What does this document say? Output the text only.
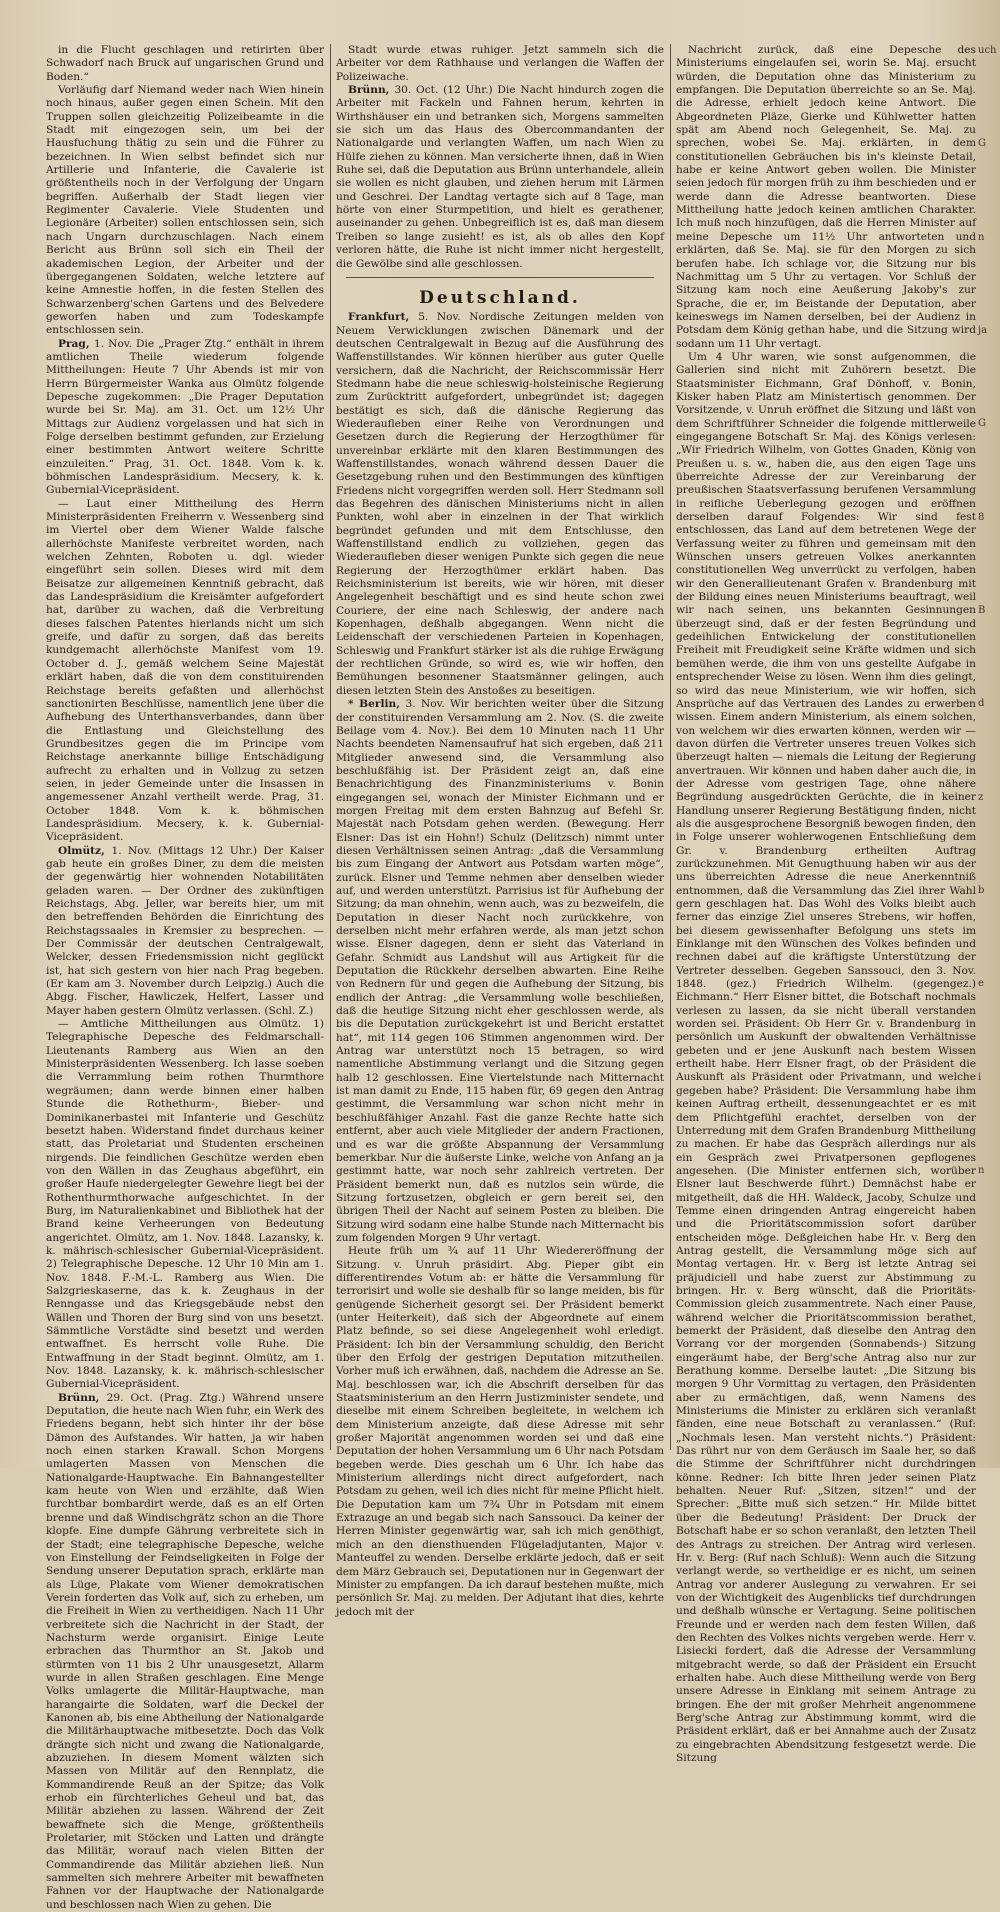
in die Flucht geschlagen und retirirten über Schwadorf nach Bruck auf ungarischen Grund und Boden.“

Vorläufig darf Niemand weder nach Wien hinein noch hinaus, außer gegen einen Schein. Mit den Truppen sollen gleichzeitig Polizeibeamte in die Stadt mit eingezogen sein, um bei der Hausfuchung thätig zu sein und die Führer zu bezeichnen. In Wien selbst befindet sich nur Artillerie und Infanterie, die Cavalerie ist größtentheils noch in der Verfolgung der Ungarn begriffen. Außerhalb der Stadt liegen vier Regimenter Cavalerie. Viele Studenten und Legionäre (Arbeiter) sollen entschlossen sein, sich nach Ungarn durchzuschlagen. Nach einem Bericht aus Brünn soll sich ein Theil der akademischen Legion, der Arbeiter und der übergegangenen Soldaten, welche letztere auf keine Amnestie hoffen, in die festen Stellen des Schwarzenberg'schen Gartens und des Belvedere geworfen haben und zum Todeskampfe entschlossen sein.

Prag, 1. Nov. Die „Prager Ztg.“ enthält in ihrem amtlichen Theile wiederum folgende Mittheilungen: Heute 7 Uhr Abends ist mir von Herrn Bürgermeister Wanka aus Olmütz folgende Depesche zugekommen: „Die Prager Deputation wurde bei Sr. Maj. am 31. Oct. um 12½ Uhr Mittags zur Audienz vorgelassen und hat sich in Folge derselben bestimmt gefunden, zur Erzielung einer bestimmten Antwort weitere Schritte einzuleiten.“ Prag, 31. Oct. 1848. Vom k. k. böhmischen Landespräsidium. Mecsery, k. k. Gubernial-Vicepräsident.

— Laut einer Mittheilung des Herrn Ministerpräsidenten Freiherrn v. Wessenberg sind im Viertel ober dem Wiener Walde falsche allerhöchste Manifeste verbreitet worden, nach welchen Zehnten, Roboten u. dgl. wieder eingeführt sein sollen. Dieses wird mit dem Beisatze zur allgemeinen Kenntniß gebracht, daß das Landespräsidium die Kreisämter aufgefordert hat, darüber zu wachen, daß die Verbreitung dieses falschen Patentes hierlands nicht um sich greife, und dafür zu sorgen, daß das bereits kundgemacht allerhöchste Manifest vom 19. October d. J., gemäß welchem Seine Majestät erklärt haben, daß die von dem constituirenden Reichstage bereits gefaßten und allerhöchst sanctionirten Beschlüsse, namentlich jene über die Aufhebung des Unterthansverbandes, dann über die Entlastung und Gleichstellung des Grundbesitzes gegen die im Principe vom Reichstage anerkannte billige Entschädigung aufrecht zu erhalten und in Vollzug zu setzen seien, in jeder Gemeinde unter die Insassen in angemessener Anzahl vertheilt werde. Prag, 31. October 1848. Vom k. k. böhmischen Landespräsidium. Mecsery, k. k. Gubernial-Vicepräsident.

Olmütz, 1. Nov. (Mittags 12 Uhr.) Der Kaiser gab heute ein großes Diner, zu dem die meisten der gegenwärtig hier wohnenden Notabilitäten geladen waren. — Der Ordner des zukünftigen Reichstags, Abg. Jeller, war bereits hier, um mit den betreffenden Behörden die Einrichtung des Reichstagssaales in Kremsier zu besprechen. — Der Commissär der deutschen Centralgewalt, Welcker, dessen Friedensmission nicht geglückt ist, hat sich gestern von hier nach Prag begeben. (Er kam am 3. November durch Leipzig.) Auch die Abgg. Fischer, Hawliczek, Helfert, Lasser und Mayer haben gestern Olmütz verlassen. (Schl. Z.)

— Amtliche Mittheilungen aus Olmütz. 1) Telegraphische Depesche des Feldmarschall-Lieutenants Ramberg aus Wien an den Ministerpräsidenten Wessenberg. Ich lasse soeben die Verrammlung beim rothen Thurmthore wegräumen; dann werde binnen einer halben Stunde die Rothethurm-, Bieber- und Dominikanerbastei mit Infanterie und Geschütz besetzt haben. Widerstand findet durchaus keiner statt, das Proletariat und Studenten erscheinen nirgends. Die feindlichen Geschütze werden eben von den Wällen in das Zeughaus abgeführt, ein großer Haufe niedergelegter Gewehre liegt bei der Rothenthurmthorwache aufgeschichtet. In der Burg, im Naturalienkabinet und Bibliothek hat der Brand keine Verheerungen von Bedeutung angerichtet. Olmütz, am 1. Nov. 1848. Lazansky, k. k. mährisch-schlesischer Gubernial-Vicepräsident. 2) Telegraphische Depesche. 12 Uhr 10 Min am 1. Nov. 1848. F.-M.-L. Ramberg aus Wien. Die Salzgrieskaserne, das k. k. Zeughaus in der Renngasse und das Kriegsgebäude nebst den Wällen und Thoren der Burg sind von uns besetzt. Sämmtliche Vorstädte sind besetzt und werden entwaffnet. Es herrscht volle Ruhe. Die Entwaffnung in der Stadt beginnt. Olmütz, am 1. Nov. 1848. Lazansky, k. k. mährisch-schlesischer Gubernial-Vicepräsident.

Brünn, 29. Oct. (Prag. Ztg.) Während unsere Deputation, die heute nach Wien fuhr, ein Werk des Friedens begann, hebt sich hinter ihr der böse Dämon des Aufstandes. Wir hatten, ja wir haben noch einen starken Krawall. Schon Morgens umlagerten Massen von Menschen die Nationalgarde-Hauptwache. Ein Bahnangestellter kam heute von Wien und erzählte, daß Wien furchtbar bombardirt werde, daß es an elf Orten brenne und daß Windischgrätz schon an die Thore klopfe. Eine dumpfe Gährung verbreitete sich in der Stadt; eine telegraphische Depesche, welche von Einstellung der Feindseligkeiten in Folge der Sendung unserer Deputation sprach, erklärte man als Lüge, Plakate vom Wiener demokratischen Verein forderten das Volk auf, sich zu erheben, um die Freiheit in Wien zu vertheidigen. Nach 11 Uhr verbreitete sich die Nachricht in der Stadt, der Nachsturm werde organisirt. Einige Leute erbrachen das Thurmthor an St. Jakob und stürmten von 11 bis 2 Uhr unausgesetzt, Allarm wurde in allen Straßen geschlagen. Eine Menge Volks umlagerte die Militär-Hauptwache, man harangairte die Soldaten, warf die Deckel der Kanonen ab, bis eine Abtheilung der Nationalgarde die Militärhauptwache mitbesetzte. Doch das Volk drängte sich nicht und zwang die Nationalgarde, abzuziehen. In diesem Moment wälzten sich Massen von Militär auf den Rennplatz, die Kommandirende Reuß an der Spitze; das Volk erhob ein fürchterliches Geheul und bat, das Militär abziehen zu lassen. Während der Zeit bewaffnete sich die Menge, größtentheils Proletarier, mit Stöcken und Latten und drängte das Militär, worauf nach vielen Bitten der Commandirende das Militär abziehen ließ. Nun sammelten sich mehrere Arbeiter mit bewaffneten Fahnen vor der Hauptwache der Nationalgarde und beschlossen nach Wien zu gehen. Die

Stadt wurde etwas ruhiger. Jetzt sammeln sich die Arbeiter vor dem Rathhause und verlangen die Waffen der Polizeiwache.

Brünn, 30. Oct. (12 Uhr.) Die Nacht hindurch zogen die Arbeiter mit Fackeln und Fahnen herum, kehrten in Wirthshäuser ein und betranken sich, Morgens sammelten sie sich um das Haus des Obercommandanten der Nationalgarde und verlangten Waffen, um nach Wien zu Hülfe ziehen zu können. Man versicherte ihnen, daß in Wien Ruhe sei, daß die Deputation aus Brünn unterhandele, allein sie wollen es nicht glauben, und ziehen herum mit Lärmen und Geschrei. Der Landtag vertagte sich auf 8 Tage, man hörte von einer Sturmpetition, und hielt es gerathener, auseinander zu gehen. Unbegreiflich ist es, daß man diesem Treiben so lange zusieht! es ist, als ob alles den Kopf verloren hätte, die Ruhe ist nicht immer nicht hergestellt, die Gewölbe sind alle geschlossen.

Deutschland.

Frankfurt, 5. Nov. Nordische Zeitungen melden von Neuem Verwicklungen zwischen Dänemark und der deutschen Centralgewalt in Bezug auf die Ausführung des Waffenstillstandes. Wir können hierüber aus guter Quelle versichern, daß die Nachricht, der Reichscommissär Herr Stedmann habe die neue schleswig-holsteinische Regierung zum Zurücktritt aufgefordert, unbegründet ist; dagegen bestätigt es sich, daß die dänische Regierung das Wiederaufleben einer Reihe von Verordnungen und Gesetzen durch die Regierung der Herzogthümer für unvereinbar erklärte mit den klaren Bestimmungen des Waffenstillstandes, wonach während dessen Dauer die Gesetzgebung ruhen und den Bestimmungen des künftigen Friedens nicht vorgegriffen werden soll. Herr Stedmann soll das Begehren des dänischen Ministeriums nicht in allen Punkten, wohl aber in einzelnen in der That wirklich begründet gefunden und mit dem Entschlusse, den Waffenstillstand endlich zu vollziehen, gegen das Wiederaufleben dieser wenigen Punkte sich gegen die neue Regierung der Herzogthümer erklärt haben. Das Reichsministerium ist bereits, wie wir hören, mit dieser Angelegenheit beschäftigt und es sind heute schon zwei Couriere, der eine nach Schleswig, der andere nach Kopenhagen, deßhalb abgegangen. Wenn nicht die Leidenschaft der verschiedenen Parteien in Kopenhagen, Schleswig und Frankfurt stärker ist als die ruhige Erwägung der rechtlichen Gründe, so wird es, wie wir hoffen, den Bemühungen besonnener Staatsmänner gelingen, auch diesen letzten Stein des Anstoßes zu beseitigen.

* Berlin, 3. Nov. Wir berichten weiter über die Sitzung der constituirenden Versammlung am 2. Nov. (S. die zweite Beilage vom 4. Nov.). Bei dem 10 Minuten nach 11 Uhr Nachts beendeten Namensaufruf hat sich ergeben, daß 211 Mitglieder anwesend sind, die Versammlung also beschlußfähig ist. Der Präsident zeigt an, daß eine Benachrichtigung des Finanzministeriums v. Bonin eingegangen sei, wonach der Minister Eichmann und er morgen Freitag mit dem ersten Bahnzug auf Befehl Sr. Majestät nach Potsdam gehen werden. (Bewegung. Herr Elsner: Das ist ein Hohn!) Schulz (Delitzsch) nimmt unter diesen Verhältnissen seinen Antrag: „daß die Versammlung bis zum Eingang der Antwort aus Potsdam warten möge“, zurück. Elsner und Temme nehmen aber denselben wieder auf, und werden unterstützt. Parrisius ist für Aufhebung der Sitzung; da man ohnehin, wenn auch, was zu bezweifeln, die Deputation in dieser Nacht noch zurückkehre, von derselben nicht mehr erfahren werde, als man jetzt schon wisse. Elsner dagegen, denn er sieht das Vaterland in Gefahr. Schmidt aus Landshut will aus Artigkeit für die Deputation die Rückkehr derselben abwarten. Eine Reihe von Rednern für und gegen die Aufhebung der Sitzung, bis endlich der Antrag: „die Versammlung wolle beschließen, daß die heutige Sitzung nicht eher geschlossen werde, als bis die Deputation zurückgekehrt ist und Bericht erstattet hat“, mit 114 gegen 106 Stimmen angenommen wird. Der Antrag war unterstützt noch 15 betragen, so wird namentliche Abstimmung verlangt und die Sitzung gegen halb 12 geschlossen. Eine Viertelstunde nach Mitternacht ist man damit zu Ende, 115 haben für, 69 gegen den Antrag gestimmt, die Versammlung war schon nicht mehr in beschlußfähiger Anzahl. Fast die ganze Rechte hatte sich entfernt, aber auch viele Mitglieder der andern Fractionen, und es war die größte Abspannung der Versammlung bemerkbar. Nur die äußerste Linke, welche von Anfang an ja gestimmt hatte, war noch sehr zahlreich vertreten. Der Präsident bemerkt nun, daß es nutzlos sein würde, die Sitzung fortzusetzen, obgleich er gern bereit sei, den übrigen Theil der Nacht auf seinem Posten zu bleiben. Die Sitzung wird sodann eine halbe Stunde nach Mitternacht bis zum folgenden Morgen 9 Uhr vertagt.

Heute früh um ¾ auf 11 Uhr Wiedereröffnung der Sitzung. v. Unruh präsidirt. Abg. Pieper gibt ein differentirendes Votum ab: er hätte die Versammlung für terrorisirt und wolle sie deshalb für so lange meiden, bis für genügende Sicherheit gesorgt sei. Der Präsident bemerkt (unter Heiterkeit), daß sich der Abgeordnete auf einem Platz befinde, so sei diese Angelegenheit wohl erledigt. Präsident: Ich bin der Versammlung schuldig, den Bericht über den Erfolg der gestrigen Deputation mitzutheilen. Vorher muß ich erwähnen, daß, nachdem die Adresse an Se. Maj. beschlossen war, ich die Abschrift derselben für das Staatsministerium an den Herrn Justizminister sendete, und dieselbe mit einem Schreiben begleitete, in welchem ich dem Ministerium anzeigte, daß diese Adresse mit sehr großer Majorität angenommen worden sei und daß eine Deputation der hohen Versammlung um 6 Uhr nach Potsdam begeben werde. Dies geschah um 6 Uhr. Ich habe das Ministerium allerdings nicht direct aufgefordert, nach Potsdam zu gehen, weil ich dies nicht für meine Pflicht hielt. Die Deputation kam um 7¾ Uhr in Potsdam mit einem Extrazuge an und begab sich nach Sanssouci. Da keiner der Herren Minister gegenwärtig war, sah ich mich genöthigt, mich an den diensthuenden Flügeladjutanten, Major v. Manteuffel zu wenden. Derselbe erklärte jedoch, daß er seit dem März Gebrauch sei, Deputationen nur in Gegenwart der Minister zu empfangen. Da ich darauf bestehen mußte, mich persönlich Sr. Maj. zu melden. Der Adjutant ihat dies, kehrte jedoch mit der

Nachricht zurück, daß eine Depesche des Ministeriums eingelaufen sei, worin Se. Maj. ersucht würden, die Deputation ohne das Ministerium zu empfangen. Die Deputation überreichte so an Se. Maj. die Adresse, erhielt jedoch keine Antwort. Die Abgeordneten Pläze, Gierke und Kühlwetter hatten spät am Abend noch Gelegenheit, Se. Maj. zu sprechen, wobei Se. Maj. erklärten, in dem constitutionellen Gebräuchen bis in's kleinste Detail, habe er keine Antwort geben wollen. Die Minister seien jedoch für morgen früh zu ihm beschieden und er werde dann die Adresse beantworten. Diese Mittheilung hatte jedoch keinen amtlichen Charakter. Ich muß noch hinzufügen, daß die Herren Minister auf meine Depesche um 11½ Uhr antworteten und erklärten, daß Se. Maj. sie für den Morgen zu sich berufen habe. Ich schlage vor, die Sitzung nur bis Nachmittag um 5 Uhr zu vertagen. Vor Schluß der Sitzung kam noch eine Aeußerung Jakoby's zur Sprache, die er, im Beistande der Deputation, aber keineswegs im Namen derselben, bei der Audienz in Potsdam dem König gethan habe, und die Sitzung wird sodann um 11 Uhr vertagt.

Um 4 Uhr waren, wie sonst aufgenommen, die Gallerien sind nicht mit Zuhörern besetzt. Die Staatsminister Eichmann, Graf Dönhoff, v. Bonin, Kisker haben Platz am Ministertisch genommen. Der Vorsitzende, v. Unruh eröffnet die Sitzung und läßt von dem Schriftführer Schneider die folgende mittlerweile eingegangene Botschaft Sr. Maj. des Königs verlesen: „Wir Friedrich Wilhelm, von Gottes Gnaden, König von Preußen u. s. w., haben die, aus den eigen Tage uns überreichte Adresse der zur Vereinbarung der preußischen Staatsverfassung berufenen Versammlung in reifliche Ueberlegung gezogen und eröffnen derselben darauf Folgendes: Wir sind fest entschlossen, das Land auf dem betretenen Wege der Verfassung weiter zu führen und gemeinsam mit den Wünschen unsers getreuen Volkes anerkannten constitutionellen Weg unverrückt zu verfolgen, haben wir den Generallieutenant Grafen v. Brandenburg mit der Bildung eines neuen Ministeriums beauftragt, weil wir nach seinen, uns bekannten Gesinnungen überzeugt sind, daß er der festen Begründung und gedeihlichen Entwickelung der constitutionellen Freiheit mit Freudigkeit seine Kräfte widmen und sich bemühen werde, die ihm von uns gestellte Aufgabe in entsprechender Weise zu lösen. Wenn ihm dies gelingt, so wird das neue Ministerium, wie wir hoffen, sich Ansprüche auf das Vertrauen des Landes zu erwerben wissen. Einem andern Ministerium, als einem solchen, von welchem wir dies erwarten können, werden wir — davon dürfen die Vertreter unseres treuen Volkes sich überzeugt halten — niemals die Leitung der Regierung anvertrauen. Wir können und haben daher auch die, in der Adresse vom gestrigen Tage, ohne nähere Begründung ausgedrückten Gerüchte, die in keiner Handlung unserer Regierung Bestätigung finden, nicht als die ausgesprochene Besorgniß bewogen finden, den in Folge unserer wohlerwogenen Entschließung dem Gr. v. Brandenburg ertheilten Auftrag zurückzunehmen. Mit Genugthuung haben wir aus der uns überreichten Adresse die neue Anerkenntniß entnommen, daß die Versammlung das Ziel ihrer Wahl gern geschlagen hat. Das Wohl des Volks bleibt auch ferner das einzige Ziel unseres Strebens, wir hoffen, bei diesem gewissenhafter Befolgung uns stets im Einklange mit den Wünschen des Volkes befinden und rechnen dabei auf die kräftigste Unterstützung der Vertreter desselben. Gegeben Sanssouci, den 3. Nov. 1848. (gez.) Friedrich Wilhelm. (gegengez.) Eichmann.“ Herr Elsner bittet, die Botschaft nochmals verlesen zu lassen, da sie nicht überall verstanden worden sei. Präsident: Ob Herr Gr. v. Brandenburg in persönlich um Auskunft der obwaltenden Verhältnisse gebeten und er jene Auskunft nach bestem Wissen ertheilt habe. Herr Elsner fragt, ob der Präsident die Auskunft als Präsident oder Privatmann, und welche gegeben habe? Präsident: Die Versammlung habe ihm keinen Auftrag ertheilt, dessenungeachtet er es mit dem Pflichtgefühl erachtet, derselben von der Unterredung mit dem Grafen Brandenburg Mittheilung zu machen. Er habe das Gespräch allerdings nur als ein Gespräch zwei Privatpersonen gepflogenes angesehen. (Die Minister entfernen sich, worüber Elsner laut Beschwerde führt.) Demnächst habe er mitgetheilt, daß die HH. Waldeck, Jacoby, Schulze und Temme einen dringenden Antrag eingereicht haben und die Prioritätscommission sofort darüber entscheiden möge. Deßgleichen habe Hr. v. Berg den Antrag gestellt, die Versammlung möge sich auf Montag vertagen. Hr. v. Berg ist letzte Antrag sei präjudiciell und habe zuerst zur Abstimmung zu bringen. Hr. v. Berg wünscht, daß die Prioritäts-Commission gleich zusammentrete. Nach einer Pause, während welcher die Prioritätscommission berathet, bemerkt der Präsident, daß dieselbe den Antrag den Vorrang vor der morgenden (Sonnabends-) Sitzung eingeräumt habe, der Berg'sche Antrag also nur zur Berathung komme. Derselbe lautet: „Die Sitzung bis morgen 9 Uhr Vormittag zu vertagen, den Präsidenten aber zu ermächtigen, daß, wenn Namens des Ministeriums die Minister zu erklären sich veranlaßt fänden, eine neue Botschaft zu veranlassen.“ (Ruf: „Nochmals lesen. Man versteht nichts.“) Präsident: Das rührt nur von dem Geräusch im Saale her, so daß die Stimme der Schriftführer nicht durchdringen könne. Redner: Ich bitte Ihren jeder seinen Platz behalten. Neuer Ruf: „Sitzen, sitzen!“ und der Sprecher: „Bitte muß sich setzen.“ Hr. Milde bittet über die Bedeutung! Präsident: Der Druck der Botschaft habe er so schon veranlaßt, den letzten Theil des Antrags zu streichen. Der Antrag wird verlesen. Hr. v. Berg: (Ruf nach Schluß): Wenn auch die Sitzung verlangt werde, so vertheidige er es nicht, um seinen Antrag vor anderer Auslegung zu verwahren. Er sei von der Wichtigkeit des Augenblicks tief durchdrungen und deßhalb wünsche er Vertagung. Seine politischen Freunde und er werden nach dem festen Willen, daß den Rechten des Volkes nichts vergeben werde. Herr v. Lisiecki fordert, daß die Adresse der Versammlung mitgebracht werde, so daß der Präsident ein Ersucht erhalten habe. Auch diese Mittheilung werde von Berg unsere Adresse in Einklang mit seinem Antrage zu bringen. Ehe der mit großer Mehrheit angenommene Berg'sche Antrag zur Abstimmung kommt, wird die Präsident erklärt, daß er bei Annahme auch der Zusatz zu eingebrachten Abendsitzung festgesetzt werde. Die Sitzung

uch
G
n
ja
G
8
B
d
z
b
e
i
n
